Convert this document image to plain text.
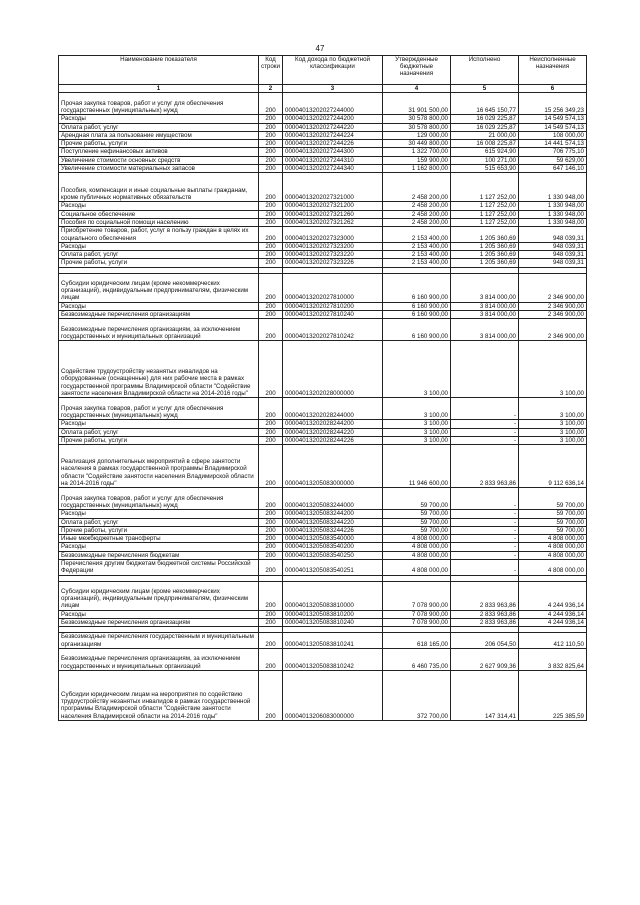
47
Наименование показателя	Код строки	Код дохода по бюджетной классификации	Утвержденные бюджетные назначения	Исполнено	Неисполненные назначения
1	2	3	4	5	6
Прочая закупка товаров, работ и услуг для обеспечения государственных (муниципальных) нужд	200	00004013202027244000	31 901 500,00	16 645 150,77	15 256 349,23
Расходы	200	00004013202027244200	30 578 800,00	16 029 225,87	14 549 574,13
Оплата работ, услуг	200	00004013202027244220	30 578 800,00	16 029 225,87	14 549 574,13
Арендная плата за пользование имуществом	200	00004013202027244224	129 000,00	21 000,00	108 000,00
Прочие работы, услуги	200	00004013202027244226	30 449 800,00	16 008 225,87	14 441 574,13
Поступление нефинансовых активов	200	00004013202027244300	1 322 700,00	615 924,90	706 775,10
Увеличение стоимости основных средств	200	00004013202027244310	159 900,00	100 271,00	59 629,00
Увеличение стоимости материальных запасов	200	00004013202027244340	1 162 800,00	515 653,90	647 146,10
Пособия, компенсации и иные социальные выплаты гражданам, кроме публичных нормативных обязательств	200	00004013202027321000	2 458 200,00	1 127 252,00	1 330 948,00
Расходы	200	00004013202027321200	2 458 200,00	1 127 252,00	1 330 948,00
Социальное обеспечение	200	00004013202027321260	2 458 200,00	1 127 252,00	1 330 948,00
Пособия по социальной помощи населению	200	00004013202027321262	2 458 200,00	1 127 252,00	1 330 948,00
Приобретение товаров, работ, услуг в пользу граждан в целях их социального обеспечения	200	00004013202027323000	2 153 400,00	1 205 360,69	948 039,31
Расходы	200	00004013202027323200	2 153 400,00	1 205 360,69	948 039,31
Оплата работ, услуг	200	00004013202027323220	2 153 400,00	1 205 360,69	948 039,31
Прочие работы, услуги	200	00004013202027323226	2 153 400,00	1 205 360,69	948 039,31

Субсидии юридическим лицам (кроме некоммерческих организаций), индивидуальным предпринимателям, физическим лицам	200	00004013202027810000	6 160 900,00	3 814 000,00	2 346 900,00
Расходы	200	00004013202027810200	6 160 900,00	3 814 000,00	2 346 900,00
Безвозмездные перечисления организациям	200	00004013202027810240	6 160 900,00	3 814 000,00	2 346 900,00
Безвозмездные перечисления организациям, за исключением государственных и муниципальных организаций	200	00004013202027810242	6 160 900,00	3 814 000,00	2 346 900,00
Содействие трудоустройству незанятых инвалидов на оборудованные (оснащенные) для них рабочие места в рамках государственной программы Владимирской области "Содействие занятости населения Владимирской области на 2014-2016 годы"	200	00004013202028000000	3 100,00		3 100,00
Прочая закупка товаров, работ и услуг для обеспечения государственных (муниципальных) нужд	200	00004013202028244000	3 100,00	-	3 100,00
Расходы	200	00004013202028244200	3 100,00	-	3 100,00
Оплата работ, услуг	200	00004013202028244220	3 100,00	-	3 100,00
Прочие работы, услуги	200	00004013202028244226	3 100,00	-	3 100,00
Реализация дополнительных мероприятий в сфере занятости населения в рамках государственной программы Владимирской области "Содействие занятости населения Владимирской области на 2014-2016 годы"	200	00004013205083000000	11 946 600,00	2 833 963,86	9 112 636,14
Прочая закупка товаров, работ и услуг для обеспечения государственных (муниципальных) нужд	200	00004013205083244000	59 700,00	-	59 700,00
Расходы	200	00004013205083244200	59 700,00	-	59 700,00
Оплата работ, услуг	200	00004013205083244220	59 700,00	-	59 700,00
Прочие работы, услуги	200	00004013205083244226	59 700,00	-	59 700,00
Иные межбюджетные трансферты	200	00004013205083540000	4 808 000,00	-	4 808 000,00
Расходы	200	00004013205083540200	4 808 000,00	-	4 808 000,00
Безвозмездные перечисления бюджетам	200	00004013205083540250	4 808 000,00	-	4 808 000,00
Перечисления другим бюджетам бюджетной системы Российской Федерации	200	00004013205083540251	4 808 000,00	-	4 808 000,00

Субсидии юридическим лицам (кроме некоммерческих организаций), индивидуальным предпринимателям, физическим лицам	200	00004013205083810000	7 078 900,00	2 833 963,86	4 244 936,14
Расходы	200	00004013205083810200	7 078 900,00	2 833 963,86	4 244 936,14
Безвозмездные перечисления организациям	200	00004013205083810240	7 078 900,00	2 833 963,86	4 244 936,14

Безвозмездные перечисления государственным и муниципальным организациям	200	00004013205083810241	618 165,00	206 054,50	412 110,50
Безвозмездные перечисления организациям, за исключением государственных и муниципальных организаций	200	00004013205083810242	6 460 735,00	2 627 909,36	3 832 825,64
Субсидии юридическим лицам на мероприятия по содействию трудоустройству незанятых инвалидов в рамках государственной программы Владимирской области "Содействие занятости населения Владимирской области на 2014-2016 годы"	200	00004013206083000000	372 700,00	147 314,41	225 385,59
